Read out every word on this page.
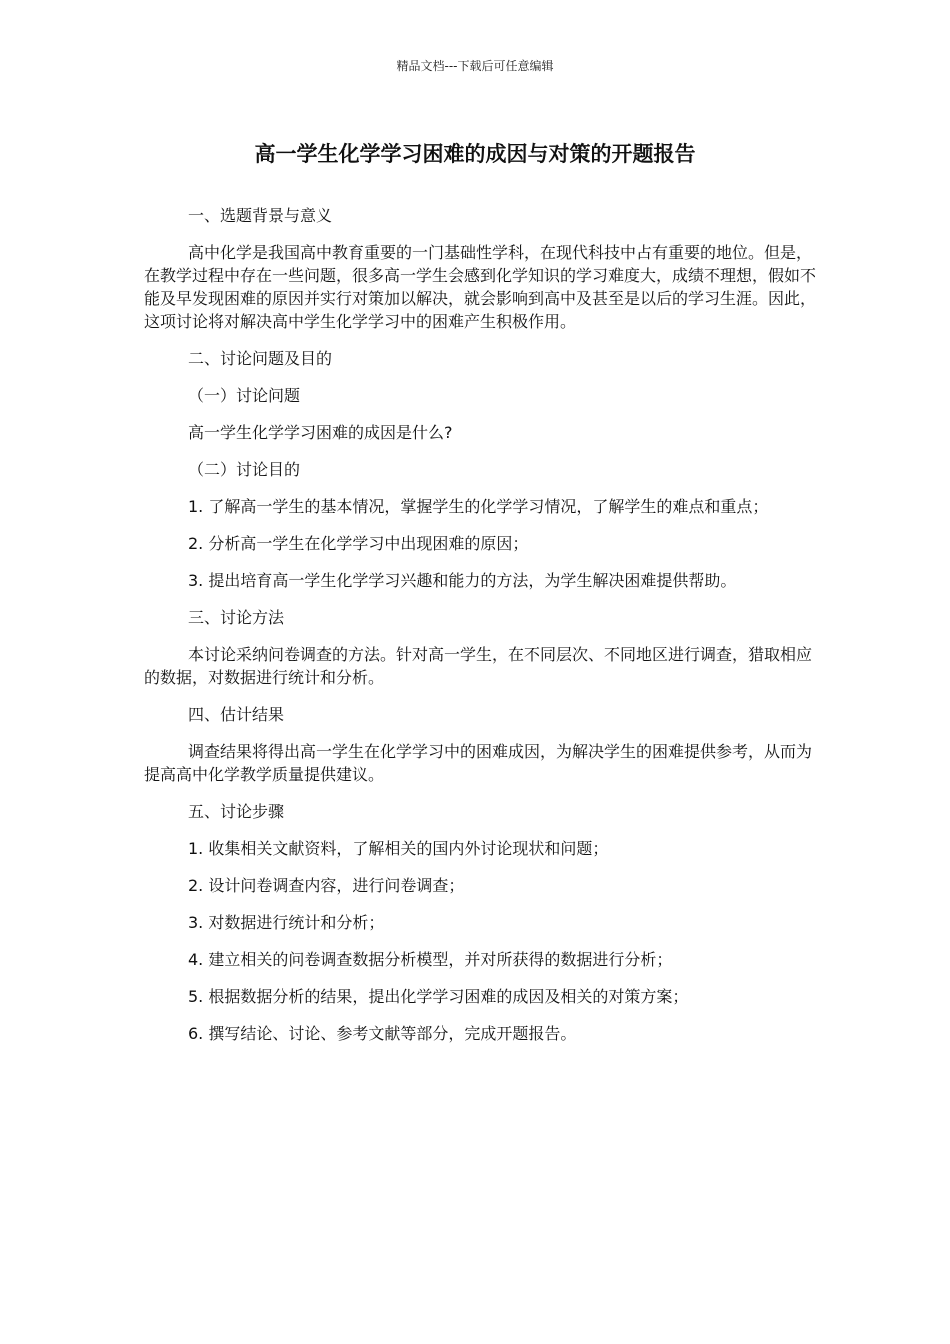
精品文档---下载后可任意编辑
高一学生化学学习困难的成因与对策的开题报告

一、选题背景与意义

高中化学是我国高中教育重要的一门基础性学科，在现代科技中占有重要的地位。但是，在教学过程中存在一些问题，很多高一学生会感到化学知识的学习难度大，成绩不理想，假如不能及早发现困难的原因并实行对策加以解决，就会影响到高中及甚至是以后的学习生涯。因此，这项讨论将对解决高中学生化学学习中的困难产生积极作用。

二、讨论问题及目的

（一）讨论问题

高一学生化学学习困难的成因是什么?

（二）讨论目的

1. 了解高一学生的基本情况，掌握学生的化学学习情况，了解学生的难点和重点；

2. 分析高一学生在化学学习中出现困难的原因；

3. 提出培育高一学生化学学习兴趣和能力的方法，为学生解决困难提供帮助。

三、讨论方法

本讨论采纳问卷调查的方法。针对高一学生，在不同层次、不同地区进行调查，猎取相应的数据，对数据进行统计和分析。

四、估计结果

调查结果将得出高一学生在化学学习中的困难成因，为解决学生的困难提供参考，从而为提高高中化学教学质量提供建议。

五、讨论步骤

1. 收集相关文献资料，了解相关的国内外讨论现状和问题；

2. 设计问卷调查内容，进行问卷调查；

3. 对数据进行统计和分析；

4. 建立相关的问卷调查数据分析模型，并对所获得的数据进行分析；

5. 根据数据分析的结果，提出化学学习困难的成因及相关的对策方案；

6. 撰写结论、讨论、参考文献等部分，完成开题报告。
